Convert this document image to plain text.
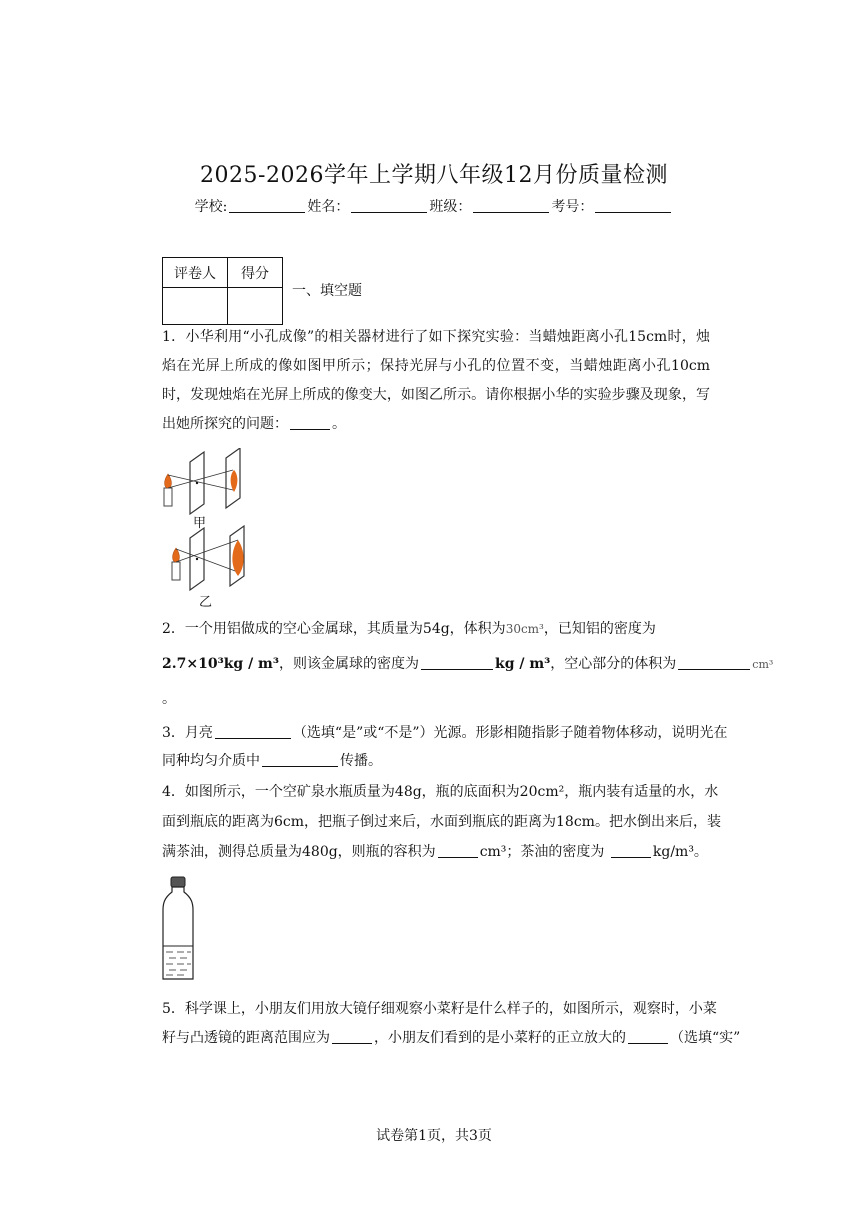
2025-2026学年上学期八年级12月份质量检测
学校:	姓名：	班级：	考号：
评卷人	得分

一、填空题
1．小华利用“小孔成像”的相关器材进行了如下探究实验：当蜡烛距离小孔15cm时，烛焰在光屏上所成的像如图甲所示；保持光屏与小孔的位置不变，当蜡烛距离小孔10cm时，发现烛焰在光屏上所成的像变大，如图乙所示。请你根据小华的实验步骤及现象，写出她所探究的问题：	。
甲
乙
2．一个用铝做成的空心金属球，其质量为54g，体积为30cm³，已知铝的密度为
2.7×10³kg / m³，则该金属球的密度为	kg / m³，空心部分的体积为	cm³
。
3．月亮	（选填“是”或“不是”）光源。形影相随指影子随着物体移动，说明光在
同种均匀介质中	传播。
4．如图所示，一个空矿泉水瓶质量为48g，瓶的底面积为20cm²，瓶内装有适量的水，水
面到瓶底的距离为6cm，把瓶子倒过来后，水面到瓶底的距离为18cm。把水倒出来后，装
满茶油，测得总质量为480g，则瓶的容积为	cm³；茶油的密度为	kg/m³。
5．科学课上，小朋友们用放大镜仔细观察小菜籽是什么样子的，如图所示，观察时，小菜
籽与凸透镜的距离范围应为	，小朋友们看到的是小菜籽的正立放大的	（选填“实”
试卷第1页，共3页
